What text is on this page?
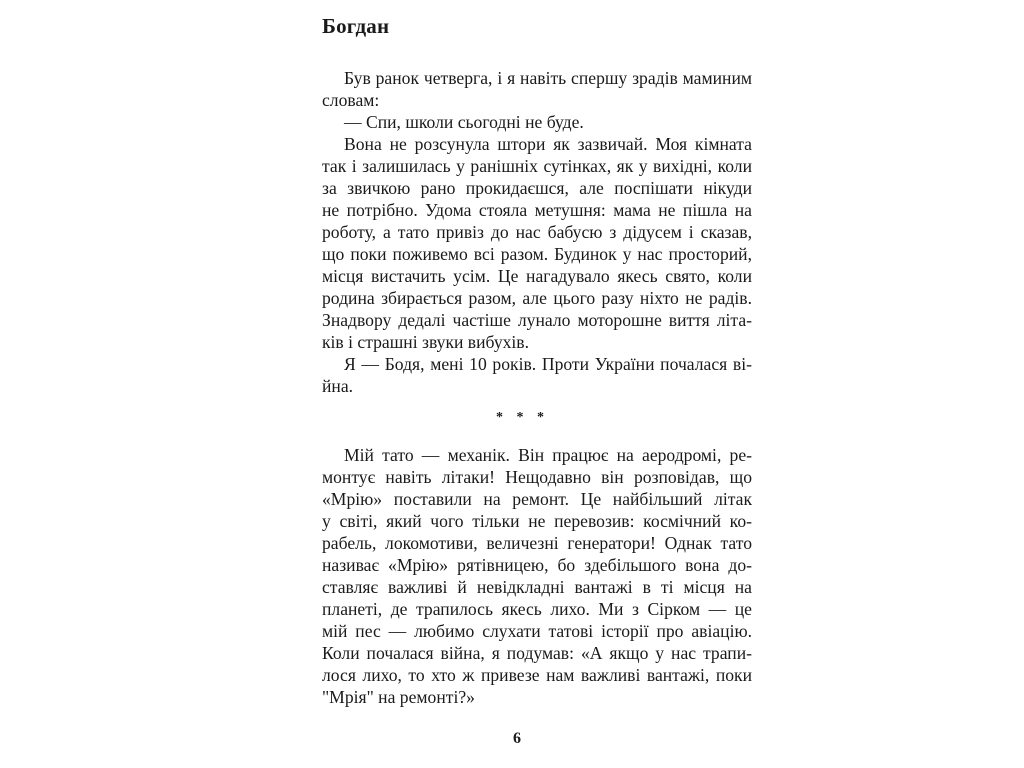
Богдан
Був ранок четверга, і я навіть спершу зрадів маминим
словам:
— Спи, школи сьогодні не буде.
Вона не розсунула штори як зазвичай. Моя кімната
так і залишилась у ранішніх сутінках, як у вихідні, коли
за звичкою рано прокидаєшся, але поспішати нікуди
не потрібно. Удома стояла метушня: мама не пішла на
роботу, а тато привіз до нас бабусю з дідусем і сказав,
що поки поживемо всі разом. Будинок у нас просторий,
місця вистачить усім. Це нагадувало якесь свято, коли
родина збирається разом, але цього разу ніхто не радів.
Знадвору дедалі частіше лунало моторошне виття літа-
ків і страшні звуки вибухів.
Я — Бодя, мені 10 років. Проти України почалася ві-
йна.
* * *
Мій тато — механік. Він працює на аеродромі, ре-
монтує навіть літаки! Нещодавно він розповідав, що
«Мрію» поставили на ремонт. Це найбільший літак
у світі, який чого тільки не перевозив: космічний ко-
рабель, локомотиви, величезні генератори! Однак тато
називає «Мрію» рятівницею, бо здебільшого вона до-
ставляє важливі й невідкладні вантажі в ті місця на
планеті, де трапилось якесь лихо. Ми з Сірком — це
мій пес — любимо слухати татові історії про авіацію.
Коли почалася війна, я подумав: «А якщо у нас трапи-
лося лихо, то хто ж привезе нам важливі вантажі, поки
"Мрія" на ремонті?»
6
